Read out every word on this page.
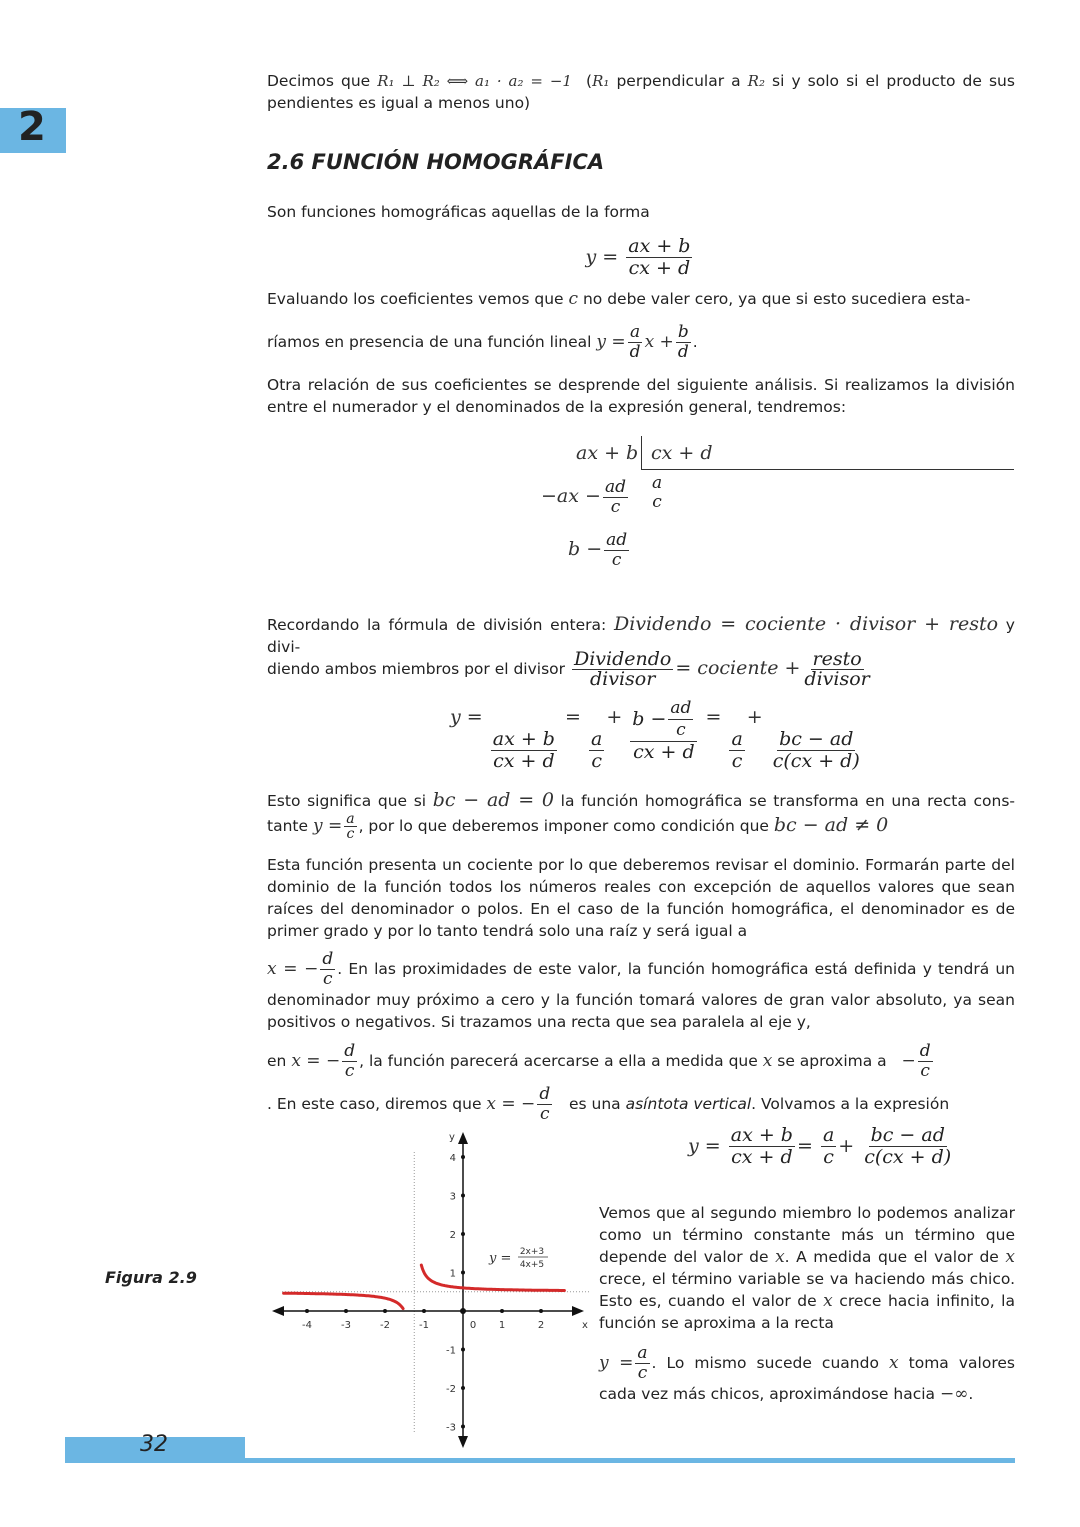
2
Decimos que R₁ ⊥ R₂ ⟺ a₁ · a₂ = −1 (R₁ perpendicular a R₂ si y solo si el producto de sus pendientes es igual a menos uno)
2.6 FUNCIÓN HOMOGRÁFICA
Son funciones homográficas aquellas de la forma
$y = \frac{ax + b}{cx + d}$
Evaluando los coeficientes vemos que c no debe valer cero, ya que si esto sucediera esta-
ríamos en presencia de una función lineal $y = \frac{a}{d}$ $x + \frac{b}{d}$ .
Otra relación de sus coeficientes se desprende del siguiente análisis. Si realizamos la división entre el numerador y el denominados de la expresión general, tendremos:
ax + b cx + d
$-ax - \frac{ad}{c}$ a
c
$b - \frac{ad}{c}$
Recordando la fórmula de división entera: Dividendo = cociente · divisor + resto y divi-
diendo ambos miembros por el divisor $\frac{\text{Dividendo}}{\text{divisor}}$ = cociente + $\frac{\text{resto}}{\text{divisor}}$
y =
$\frac{ax + b}{cx + d}$
=
$\frac{a}{c}$
+ $\frac{b - \frac{ad}{c}}{cx + d}$ =
$\frac{a}{c}$
+
$\frac{bc - ad}{c(cx + d)}$
Esto significa que si bc − ad = 0 la función homográfica se transforma en una recta cons- tante $y = \frac{a}{c}$ , por lo que deberemos imponer como condición que bc − ad ≠ 0
Esta función presenta un cociente por lo que deberemos revisar el dominio. Formarán parte del dominio de la función todos los números reales con excepción de aquellos valores que sean raíces del denominador o polos. En el caso de la función homográfica, el denominador es de primer grado y por lo tanto tendrá solo una raíz y será igual a
x = − $\frac{d}{c}$ . En las proximidades de este valor, la función homográfica está definida y tendrá un denominador muy próximo a cero y la función tomará valores de gran valor absoluto, ya sean positivos o negativos. Si trazamos una recta que sea paralela al eje y,
en x = − $\frac{d}{c}$ , la función parecerá acercarse a ella a medida que x se aproxima $a - \frac{d}{c}$
. En este caso, diremos que x = − $\frac{d}{c}$ es una asíntota vertical. Volvamos a la expresión
$y = \frac{ax + b}{cx + d} = \frac{a}{c} + \frac{bc - ad}{c(cx + d)}$
Vemos que al segundo miembro lo podemos analizar como un término constante más un término que depende del valor de x. A medida que el valor de x crece, el término variable se va haciendo más chico. Esto es, cuando el valor de x crece hacia infinito, la función se aproxima a la recta
$y = \frac{a}{c}$ . Lo mismo sucede cuando x toma valores cada vez más chicos, aproximándose hacia −∞.
Figura 2.9
-4	-3	-2	-1	0 1	2
4
3
2
1
-1
-2
-3
x
y
y = 2x+3
4x+5
32
